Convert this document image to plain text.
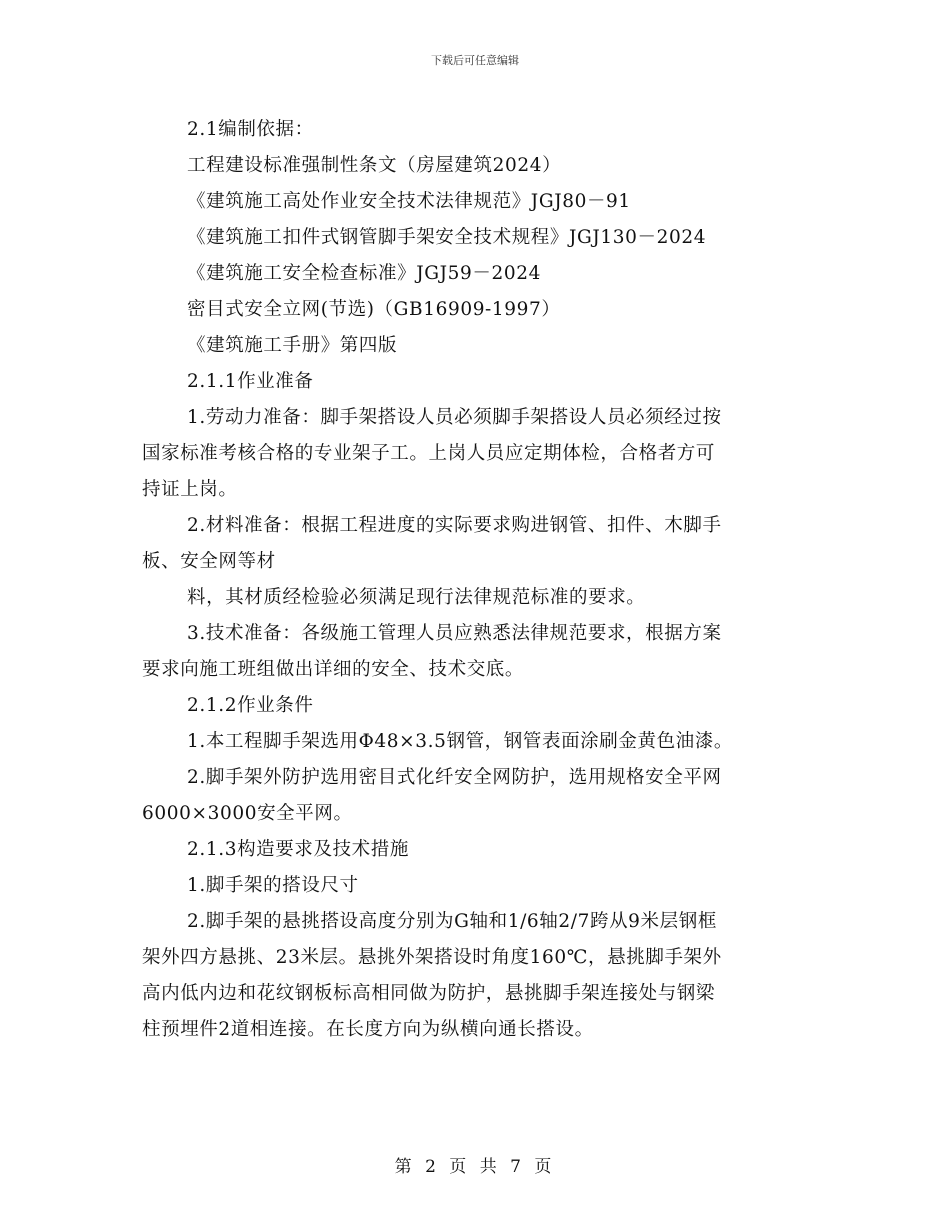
下载后可任意编辑
2.1编制依据：
工程建设标准强制性条文（房屋建筑2024）
《建筑施工高处作业安全技术法律规范》JGJ80－91
《建筑施工扣件式钢管脚手架安全技术规程》JGJ130－2024
《建筑施工安全检查标准》JGJ59－2024
密目式安全立网(节选)（GB16909-1997）
《建筑施工手册》第四版
2.1.1作业准备
1.劳动力准备：脚手架搭设人员必须脚手架搭设人员必须经过按
国家标准考核合格的专业架子工。上岗人员应定期体检，合格者方可
持证上岗。
2.材料准备：根据工程进度的实际要求购进钢管、扣件、木脚手
板、安全网等材
料，其材质经检验必须满足现行法律规范标准的要求。
3.技术准备：各级施工管理人员应熟悉法律规范要求，根据方案
要求向施工班组做出详细的安全、技术交底。
2.1.2作业条件
1.本工程脚手架选用Φ48×3.5钢管，钢管表面涂刷金黄色油漆。
2.脚手架外防护选用密目式化纤安全网防护，选用规格安全平网
6000×3000安全平网。
2.1.3构造要求及技术措施
1.脚手架的搭设尺寸
2.脚手架的悬挑搭设高度分别为G轴和1/6轴2/7跨从9米层钢框
架外四方悬挑、23米层。悬挑外架搭设时角度160℃，悬挑脚手架外
高内低内边和花纹钢板标高相同做为防护，悬挑脚手架连接处与钢梁
柱预埋件2道相连接。在长度方向为纵横向通长搭设。
第 2 页 共 7 页
